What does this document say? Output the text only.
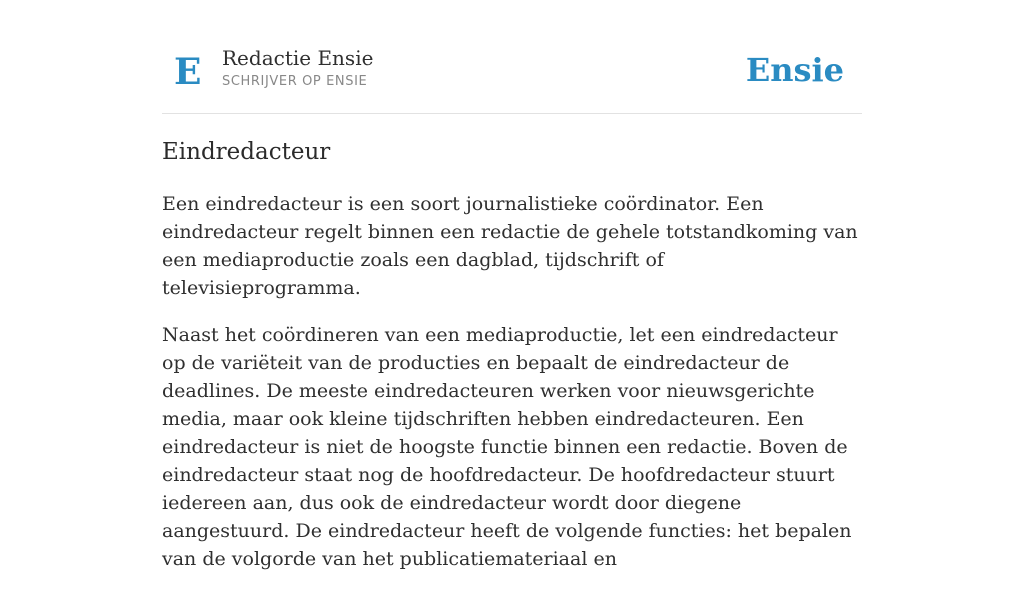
E Redactie Ensie
SCHRIJVER OP ENSIE	Ensie
Eindredacteur

Een eindredacteur is een soort journalistieke coördinator. Een eindredacteur regelt binnen een redactie de gehele totstandkoming van een mediaproductie zoals een dagblad, tijdschrift of televisieprogramma.

Naast het coördineren van een mediaproductie, let een eindredacteur op de variëteit van de producties en bepaalt de eindredacteur de deadlines. De meeste eindredacteuren werken voor nieuwsgerichte media, maar ook kleine tijdschriften hebben eindredacteuren. Een eindredacteur is niet de hoogste functie binnen een redactie. Boven de eindredacteur staat nog de hoofdredacteur. De hoofdredacteur stuurt iedereen aan, dus ook de eindredacteur wordt door diegene aangestuurd. De eindredacteur heeft de volgende functies: het bepalen van de volgorde van het publicatiemateriaal en
